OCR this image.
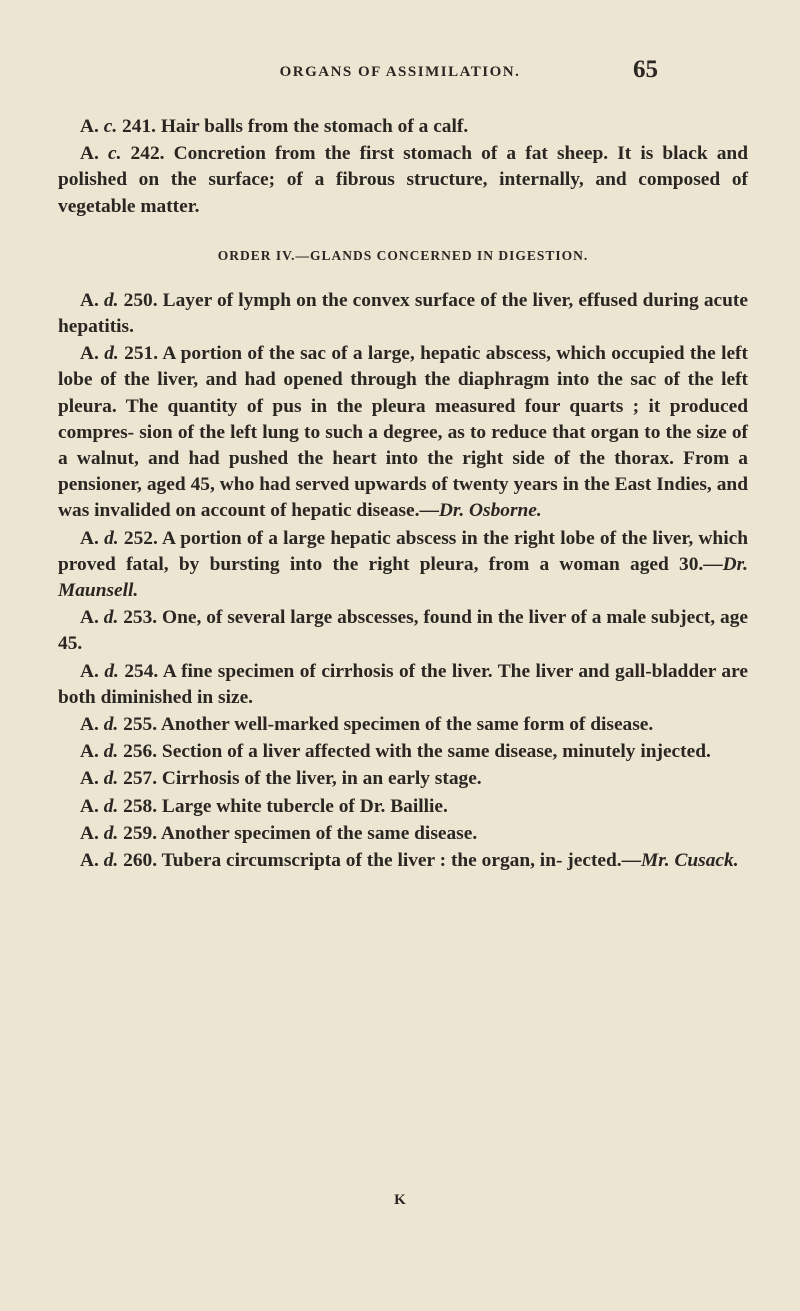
ORGANS OF ASSIMILATION.	65

A. c. 241. Hair balls from the stomach of a calf.

A. c. 242. Concretion from the first stomach of a fat sheep. It is black and polished on the surface; of a fibrous structure, internally, and composed of vegetable matter.

ORDER IV.—GLANDS CONCERNED IN DIGESTION.

A. d. 250. Layer of lymph on the convex surface of the liver, effused during acute hepatitis.

A. d. 251. A portion of the sac of a large, hepatic abscess, which occupied the left lobe of the liver, and had opened through the diaphragm into the sac of the left pleura. The quantity of pus in the pleura measured four quarts ; it produced compres- sion of the left lung to such a degree, as to reduce that organ to the size of a walnut, and had pushed the heart into the right side of the thorax. From a pensioner, aged 45, who had served upwards of twenty years in the East Indies, and was invalided on account of hepatic disease.—Dr. Osborne.

A. d. 252. A portion of a large hepatic abscess in the right lobe of the liver, which proved fatal, by bursting into the right pleura, from a woman aged 30.—Dr. Maunsell.

A. d. 253. One, of several large abscesses, found in the liver of a male subject, age 45.

A. d. 254. A fine specimen of cirrhosis of the liver. The liver and gall-bladder are both diminished in size.

A. d. 255. Another well-marked specimen of the same form of disease.

A. d. 256. Section of a liver affected with the same disease, minutely injected.

A. d. 257. Cirrhosis of the liver, in an early stage.

A. d. 258. Large white tubercle of Dr. Baillie.

A. d. 259. Another specimen of the same disease.

A. d. 260. Tubera circumscripta of the liver : the organ, in- jected.—Mr. Cusack.

K
